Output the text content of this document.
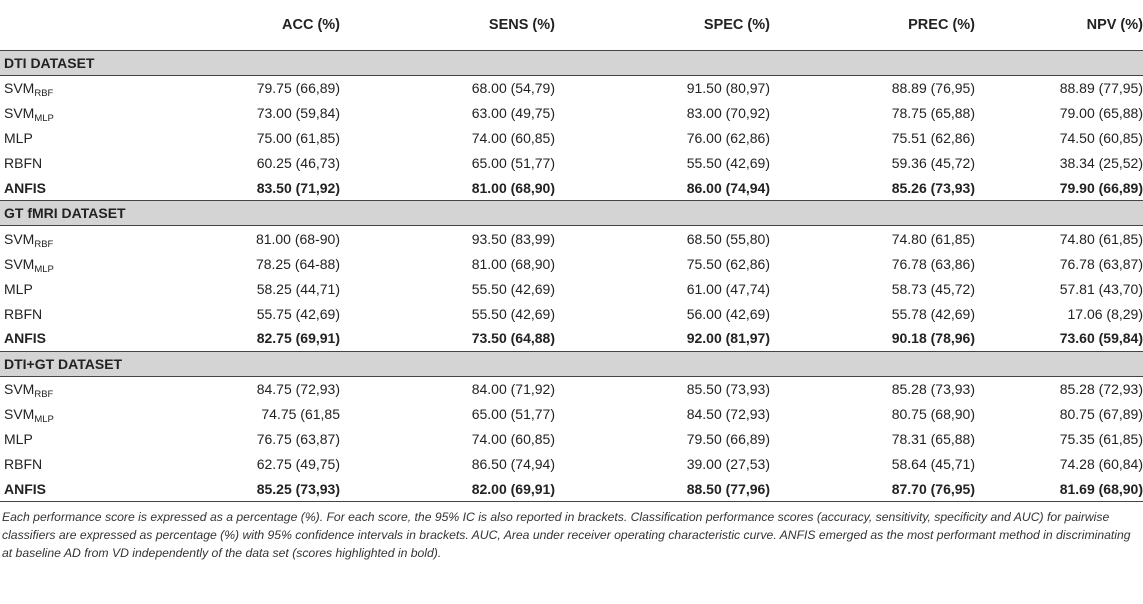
	ACC (%)	SENS (%)	SPEC (%)	PREC (%)	NPV (%)
DTI DATASET					
$SVM_{RBF}$	79.75 (66,89)	68.00 (54,79)	91.50 (80,97)	88.89 (76,95)	88.89 (77,95)
$SVM_{MLP}$	73.00 (59,84)	63.00 (49,75)	83.00 (70,92)	78.75 (65,88)	79.00 (65,88)
MLP	75.00 (61,85)	74.00 (60,85)	76.00 (62,86)	75.51 (62,86)	74.50 (60,85)
RBFN	60.25 (46,73)	65.00 (51,77)	55.50 (42,69)	59.36 (45,72)	38.34 (25,52)
ANFIS	83.50 (71,92)	81.00 (68,90)	86.00 (74,94)	85.26 (73,93)	79.90 (66,89)
GT fMRI DATASET					
$SVM_{RBF}$	81.00 (68-90)	93.50 (83,99)	68.50 (55,80)	74.80 (61,85)	74.80 (61,85)
$SVM_{MLP}$	78.25 (64-88)	81.00 (68,90)	75.50 (62,86)	76.78 (63,86)	76.78 (63,87)
MLP	58.25 (44,71)	55.50 (42,69)	61.00 (47,74)	58.73 (45,72)	57.81 (43,70)
RBFN	55.75 (42,69)	55.50 (42,69)	56.00 (42,69)	55.78 (42,69)	17.06 (8,29)
ANFIS	82.75 (69,91)	73.50 (64,88)	92.00 (81,97)	90.18 (78,96)	73.60 (59,84)
DTI+GT DATASET					
$SVM_{RBF}$	84.75 (72,93)	84.00 (71,92)	85.50 (73,93)	85.28 (73,93)	85.28 (72,93)
$SVM_{MLP}$	74.75 (61,85	65.00 (51,77)	84.50 (72,93)	80.75 (68,90)	80.75 (67,89)
MLP	76.75 (63,87)	74.00 (60,85)	79.50 (66,89)	78.31 (65,88)	75.35 (61,85)
RBFN	62.75 (49,75)	86.50 (74,94)	39.00 (27,53)	58.64 (45,71)	74.28 (60,84)
ANFIS	85.25 (73,93)	82.00 (69,91)	88.50 (77,96)	87.70 (76,95)	81.69 (68,90)
Each performance score is expressed as a percentage (%). For each score, the 95% IC is also reported in brackets. Classification performance scores (accuracy, sensitivity, specificity and AUC) for pairwise classifiers are expressed as percentage (%) with 95% confidence intervals in brackets. AUC, Area under receiver operating characteristic curve. ANFIS emerged as the most performant method in discriminating at baseline AD from VD independently of the data set (scores highlighted in bold).
